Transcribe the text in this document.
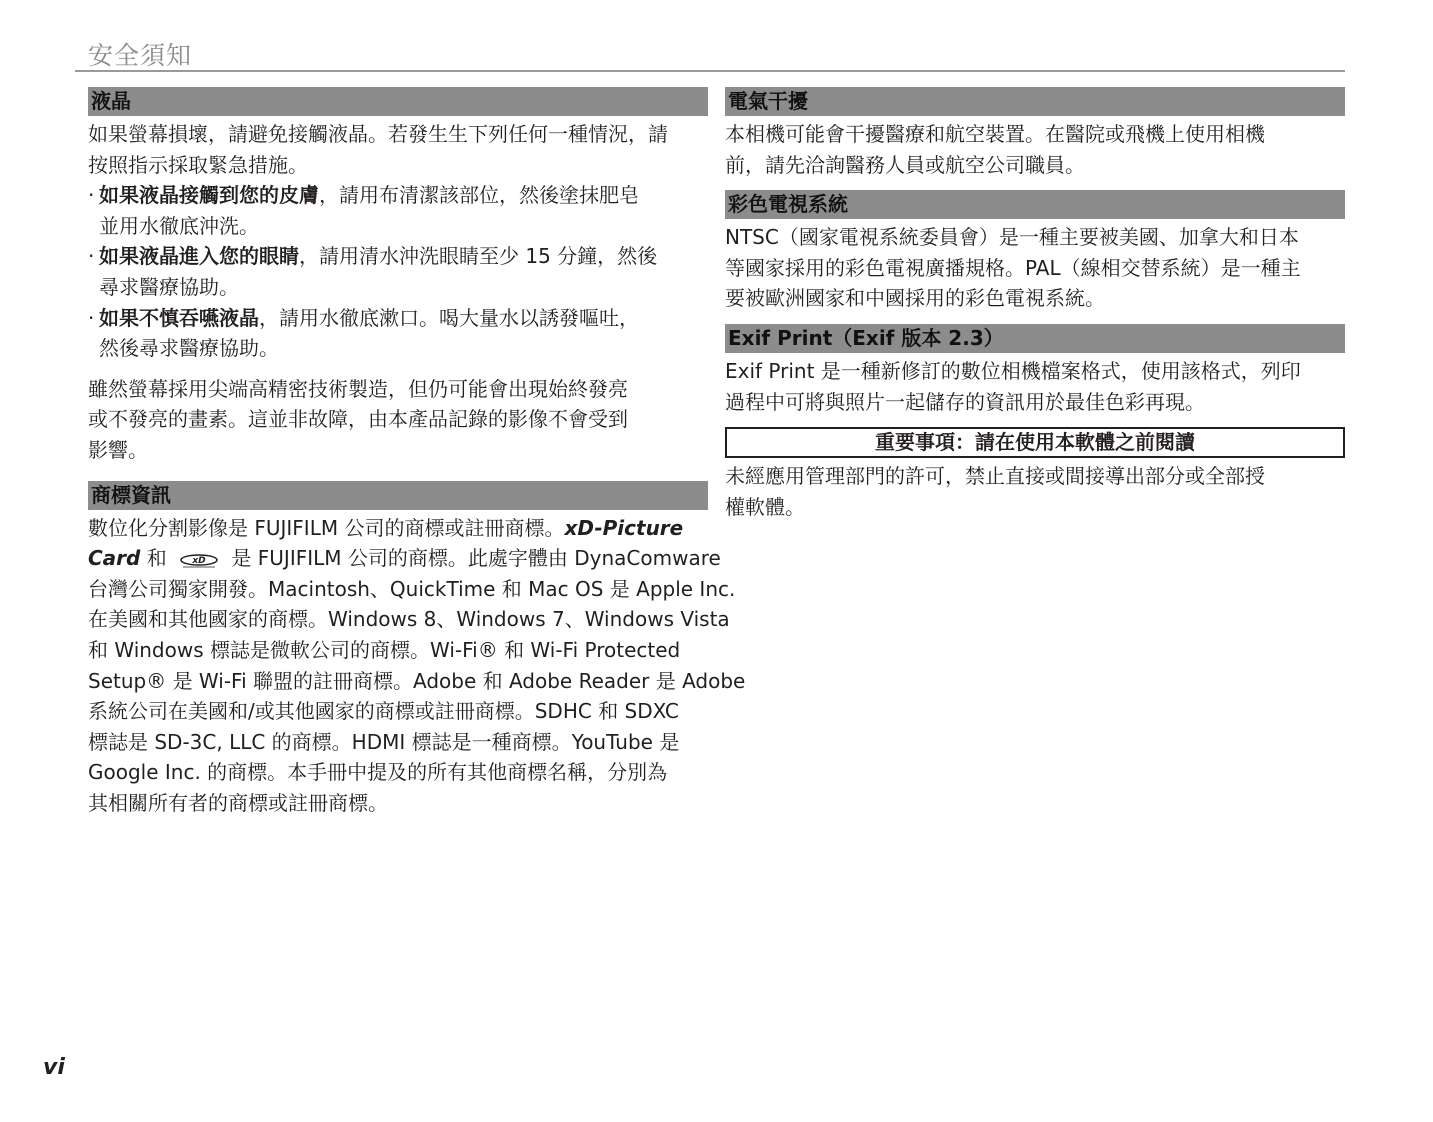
安全須知
液晶

如果螢幕損壞，請避免接觸液晶。若發生生下列任何一種情況，請

按照指示採取緊急措施。

· 如果液晶接觸到您的皮膚，請用布清潔該部位，然後塗抹肥皂
並用水徹底沖洗。
· 如果液晶進入您的眼睛，請用清水沖洗眼睛至少 15 分鐘，然後
尋求醫療協助。
· 如果不慎吞嚥液晶，請用水徹底漱口。喝大量水以誘發嘔吐，
然後尋求醫療協助。

雖然螢幕採用尖端高精密技術製造，但仍可能會出現始終發亮

或不發亮的畫素。這並非故障，由本產品記錄的影像不會受到

影響。

商標資訊

數位化分割影像是 FUJIFILM 公司的商標或註冊商標。xD-Picture

Card 和 xD 是 FUJIFILM 公司的商標。此處字體由 DynaComware

台灣公司獨家開發。Macintosh、QuickTime 和 Mac OS 是 Apple Inc.

在美國和其他國家的商標。Windows 8、Windows 7、Windows Vista

和 Windows 標誌是微軟公司的商標。Wi-Fi® 和 Wi-Fi Protected

Setup® 是 Wi-Fi 聯盟的註冊商標。Adobe 和 Adobe Reader 是 Adobe

系統公司在美國和/或其他國家的商標或註冊商標。SDHC 和 SDXC

標誌是 SD-3C, LLC 的商標。HDMI 標誌是一種商標。YouTube 是

Google Inc. 的商標。本手冊中提及的所有其他商標名稱，分別為

其相關所有者的商標或註冊商標。

電氣干擾

本相機可能會干擾醫療和航空裝置。在醫院或飛機上使用相機

前，請先洽詢醫務人員或航空公司職員。

彩色電視系統

NTSC（國家電視系統委員會）是一種主要被美國、加拿大和日本

等國家採用的彩色電視廣播規格。PAL（線相交替系統）是一種主

要被歐洲國家和中國採用的彩色電視系統。

Exif Print（Exif 版本 2.3）

Exif Print 是一種新修訂的數位相機檔案格式，使用該格式，列印

過程中可將與照片一起儲存的資訊用於最佳色彩再現。

重要事項：請在使用本軟體之前閱讀

未經應用管理部門的許可，禁止直接或間接導出部分或全部授

權軟體。

vi
